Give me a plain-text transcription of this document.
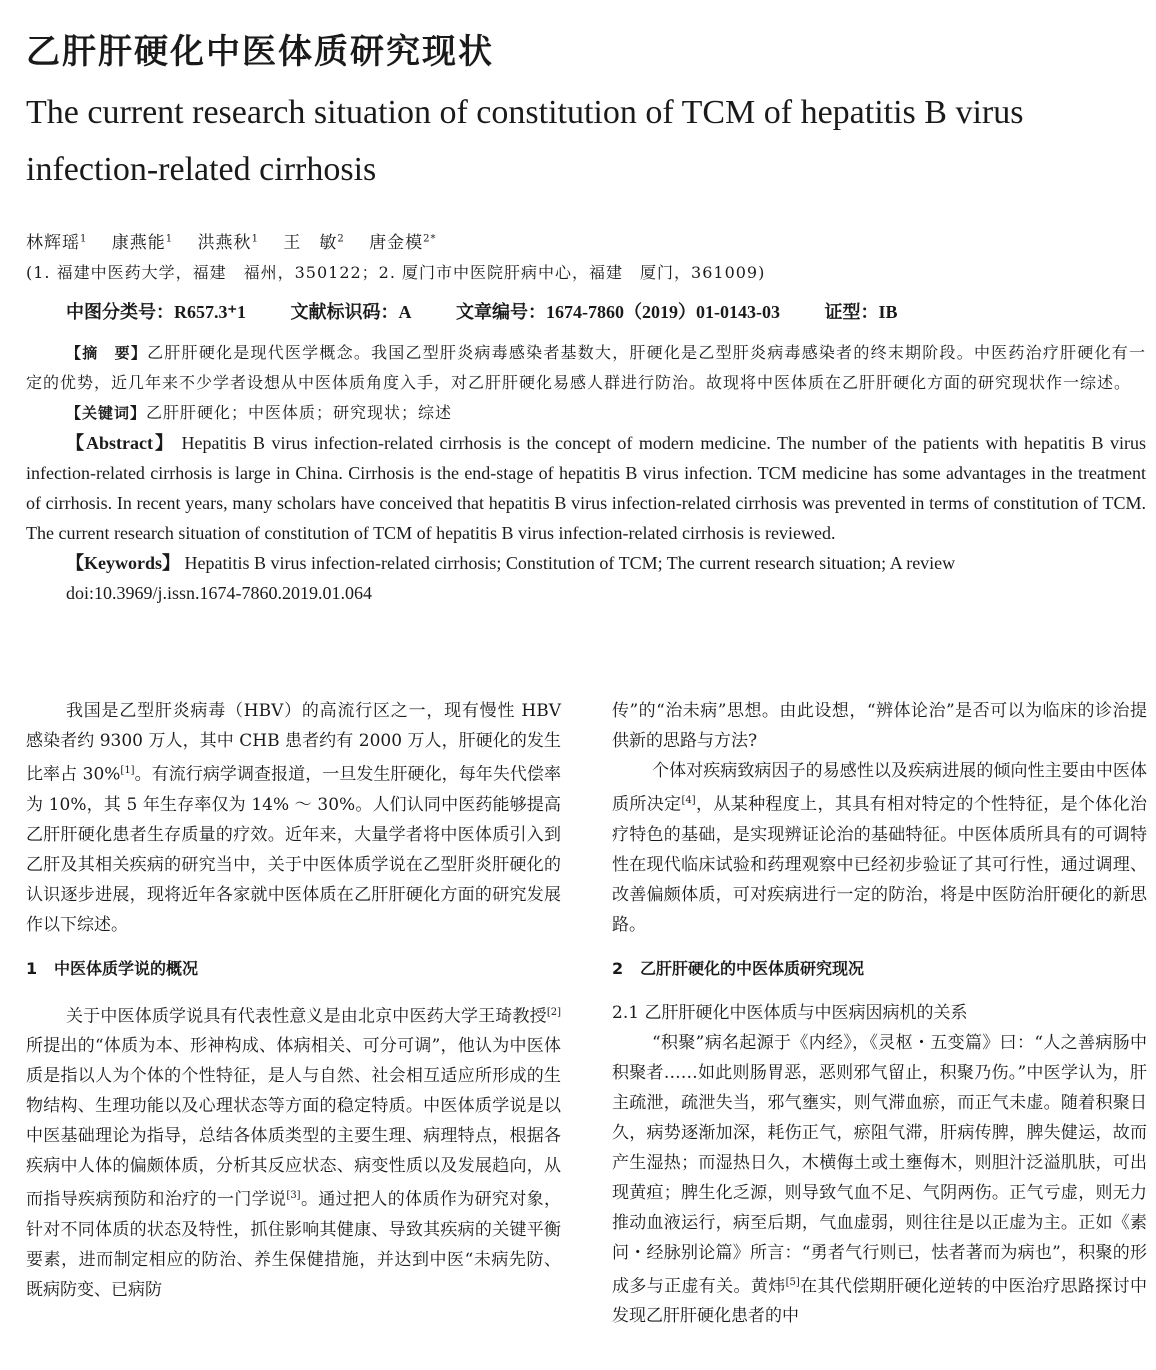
乙肝肝硬化中医体质研究现状
The current research situation of constitution of TCM of hepatitis B virus infection-related cirrhosis
林辉瑶$^1$ 康燕能$^1$ 洪燕秋$^1$ 王　敏$^2$ 唐金模$^{2*}$
(1. 福建中医药大学，福建　福州，350122；2. 厦门市中医院肝病中心，福建　厦门，361009)
中图分类号：R657.3⁺1 文献标识码：A 文章编号：1674-7860（2019）01-0143-03 证型：IB

【摘　要】乙肝肝硬化是现代医学概念。我国乙型肝炎病毒感染者基数大，肝硬化是乙型肝炎病毒感染者的终末期阶段。中医药治疗肝硬化有一定的优势，近几年来不少学者设想从中医体质角度入手，对乙肝肝硬化易感人群进行防治。故现将中医体质在乙肝肝硬化方面的研究现状作一综述。

【关键词】乙肝肝硬化；中医体质；研究现状；综述

【Abstract】 Hepatitis B virus infection-related cirrhosis is the concept of modern medicine. The number of the patients with hepatitis B virus infection-related cirrhosis is large in China. Cirrhosis is the end-stage of hepatitis B virus infection. TCM medicine has some advantages in the treatment of cirrhosis. In recent years, many scholars have conceived that hepatitis B virus infection-related cirrhosis was prevented in terms of constitution of TCM. The current research situation of constitution of TCM of hepatitis B virus infection-related cirrhosis is reviewed.

【Keywords】 Hepatitis B virus infection-related cirrhosis; Constitution of TCM; The current research situation; A review

doi:10.3969/j.issn.1674-7860.2019.01.064

我国是乙型肝炎病毒（HBV）的高流行区之一，现有慢性 HBV 感染者约 9300 万人，其中 CHB 患者约有 2000 万人，肝硬化的发生比率占 30%[1]。有流行病学调查报道，一旦发生肝硬化，每年失代偿率为 10%，其 5 年生存率仅为 14% ～ 30%。人们认同中医药能够提高乙肝肝硬化患者生存质量的疗效。近年来，大量学者将中医体质引入到乙肝及其相关疾病的研究当中，关于中医体质学说在乙型肝炎肝硬化的认识逐步进展，现将近年各家就中医体质在乙肝肝硬化方面的研究发展作以下综述。

1 中医体质学说的概况

关于中医体质学说具有代表性意义是由北京中医药大学王琦教授[2]所提出的“体质为本、形神构成、体病相关、可分可调”，他认为中医体质是指以人为个体的个性特征，是人与自然、社会相互适应所形成的生物结构、生理功能以及心理状态等方面的稳定特质。中医体质学说是以中医基础理论为指导，总结各体质类型的主要生理、病理特点，根据各疾病中人体的偏颇体质，分析其反应状态、病变性质以及发展趋向，从而指导疾病预防和治疗的一门学说[3]。通过把人的体质作为研究对象，针对不同体质的状态及特性，抓住影响其健康、导致其疾病的关键平衡要素，进而制定相应的防治、养生保健措施，并达到中医“未病先防、既病防变、已病防

传”的“治未病”思想。由此设想，“辨体论治”是否可以为临床的诊治提供新的思路与方法?

个体对疾病致病因子的易感性以及疾病进展的倾向性主要由中医体质所决定[4]，从某种程度上，其具有相对特定的个性特征，是个体化治疗特色的基础，是实现辨证论治的基础特征。中医体质所具有的可调特性在现代临床试验和药理观察中已经初步验证了其可行性，通过调理、改善偏颇体质，可对疾病进行一定的防治，将是中医防治肝硬化的新思路。

2 乙肝肝硬化的中医体质研究现况

2.1 乙肝肝硬化中医体质与中医病因病机的关系

“积聚”病名起源于《内经》，《灵枢・五变篇》曰：“人之善病肠中积聚者……如此则肠胃恶，恶则邪气留止，积聚乃伤。”中医学认为，肝主疏泄，疏泄失当，邪气壅实，则气滞血瘀，而正气未虚。随着积聚日久，病势逐渐加深，耗伤正气，瘀阻气滞，肝病传脾，脾失健运，故而产生湿热；而湿热日久，木横侮土或土壅侮木，则胆汁泛溢肌肤，可出现黄疸；脾生化乏源，则导致气血不足、气阴两伤。正气亏虚，则无力推动血液运行，病至后期，气血虚弱，则往往是以正虚为主。正如《素问・经脉别论篇》所言：“勇者气行则已，怯者著而为病也”，积聚的形成多与正虚有关。黄炜[5]在其代偿期肝硬化逆转的中医治疗思路探讨中发现乙肝肝硬化患者的中
